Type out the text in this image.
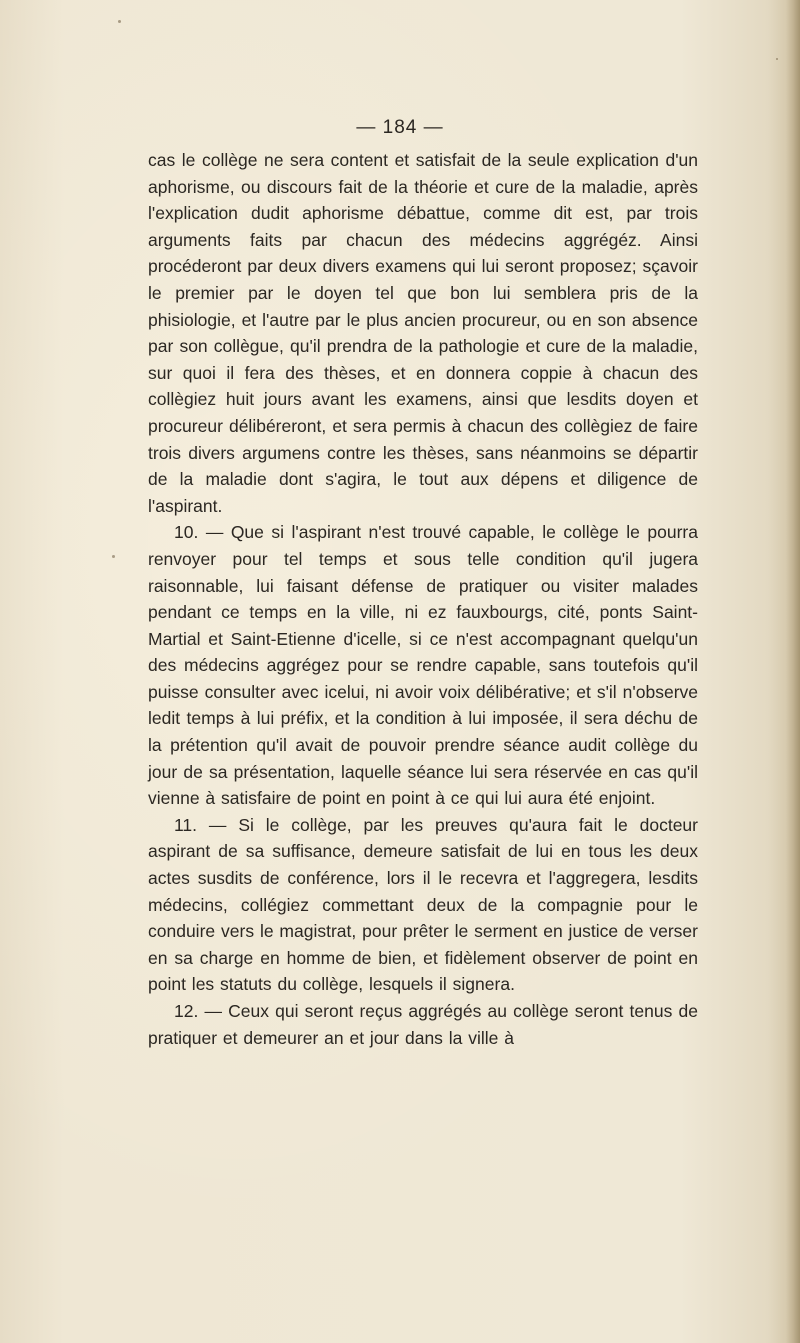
— 184 —

cas le collège ne sera content et satisfait de la seule explication d'un aphorisme, ou discours fait de la théorie et cure de la maladie, après l'explication dudit aphorisme débattue, comme dit est, par trois arguments faits par chacun des médecins aggrégéz. Ainsi procéderont par deux divers examens qui lui seront proposez; sçavoir le premier par le doyen tel que bon lui semblera pris de la phisiologie, et l'autre par le plus ancien procureur, ou en son absence par son collègue, qu'il prendra de la pathologie et cure de la maladie, sur quoi il fera des thèses, et en donnera coppie à chacun des collègiez huit jours avant les examens, ainsi que lesdits doyen et procureur délibéreront, et sera permis à chacun des collègiez de faire trois divers argumens contre les thèses, sans néanmoins se départir de la maladie dont s'agira, le tout aux dépens et diligence de l'aspirant.

10. — Que si l'aspirant n'est trouvé capable, le collège le pourra renvoyer pour tel temps et sous telle condition qu'il jugera raisonnable, lui faisant défense de pratiquer ou visiter malades pendant ce temps en la ville, ni ez fauxbourgs, cité, ponts Saint-Martial et Saint-Etienne d'icelle, si ce n'est accompagnant quelqu'un des médecins aggrégez pour se rendre capable, sans toutefois qu'il puisse consulter avec icelui, ni avoir voix délibérative; et s'il n'observe ledit temps à lui préfix, et la condition à lui imposée, il sera déchu de la prétention qu'il avait de pouvoir prendre séance audit collège du jour de sa présentation, laquelle séance lui sera réservée en cas qu'il vienne à satisfaire de point en point à ce qui lui aura été enjoint.

11. — Si le collège, par les preuves qu'aura fait le docteur aspirant de sa suffisance, demeure satisfait de lui en tous les deux actes susdits de conférence, lors il le recevra et l'aggregera, lesdits médecins, collégiez commettant deux de la compagnie pour le conduire vers le magistrat, pour prêter le serment en justice de verser en sa charge en homme de bien, et fidèlement observer de point en point les statuts du collège, lesquels il signera.

12. — Ceux qui seront reçus aggrégés au collège seront tenus de pratiquer et demeurer an et jour dans la ville à
